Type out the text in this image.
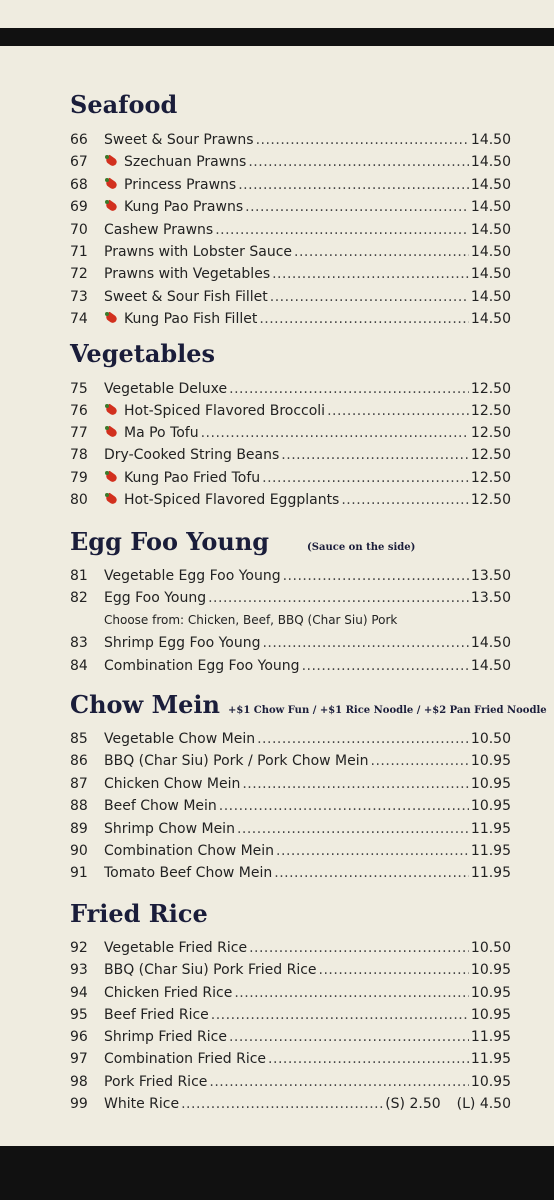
Seafood
66	Sweet & Sour Prawns .....	14.50
67	Szechuan Prawns .....	14.50
68	Princess Prawns .....	14.50
69	Kung Pao Prawns .....	14.50
70	Cashew Prawns .....	14.50
71	Prawns with Lobster Sauce .....	14.50
72	Prawns with Vegetables .....	14.50
73	Sweet & Sour Fish Fillet .....	14.50
74	Kung Pao Fish Fillet .....	14.50
Vegetables
75	Vegetable Deluxe .....	12.50
76	Hot-Spiced Flavored Broccoli .....	12.50
77	Ma Po Tofu .....	12.50
78	Dry-Cooked String Beans .....	12.50
79	Kung Pao Fried Tofu .....	12.50
80	Hot-Spiced Flavored Eggplants .....	12.50
Egg Foo Young	(Sauce on the side)
81	Vegetable Egg Foo Young .....	13.50
82	Egg Foo Young .....	13.50
Choose from: Chicken, Beef, BBQ (Char Siu) Pork
83	Shrimp Egg Foo Young .....	14.50
84	Combination Egg Foo Young .....	14.50
Chow Mein +$1 Chow Fun / +$1 Rice Noodle / +$2 Pan Fried Noodle
85	Vegetable Chow Mein .....	10.50
86	BBQ (Char Siu) Pork / Pork Chow Mein .....	10.95
87	Chicken Chow Mein .....	10.95
88	Beef Chow Mein .....	10.95
89	Shrimp Chow Mein .....	11.95
90	Combination Chow Mein .....	11.95
91	Tomato Beef Chow Mein .....	11.95
Fried Rice
92	Vegetable Fried Rice .....	10.50
93	BBQ (Char Siu) Pork Fried Rice .....	10.95
94	Chicken Fried Rice .....	10.95
95	Beef Fried Rice .....	10.95
96	Shrimp Fried Rice .....	11.95
97	Combination Fried Rice .....	11.95
98	Pork Fried Rice .....	10.95
99	White Rice .....	(S) 2.50 (L) 4.50
